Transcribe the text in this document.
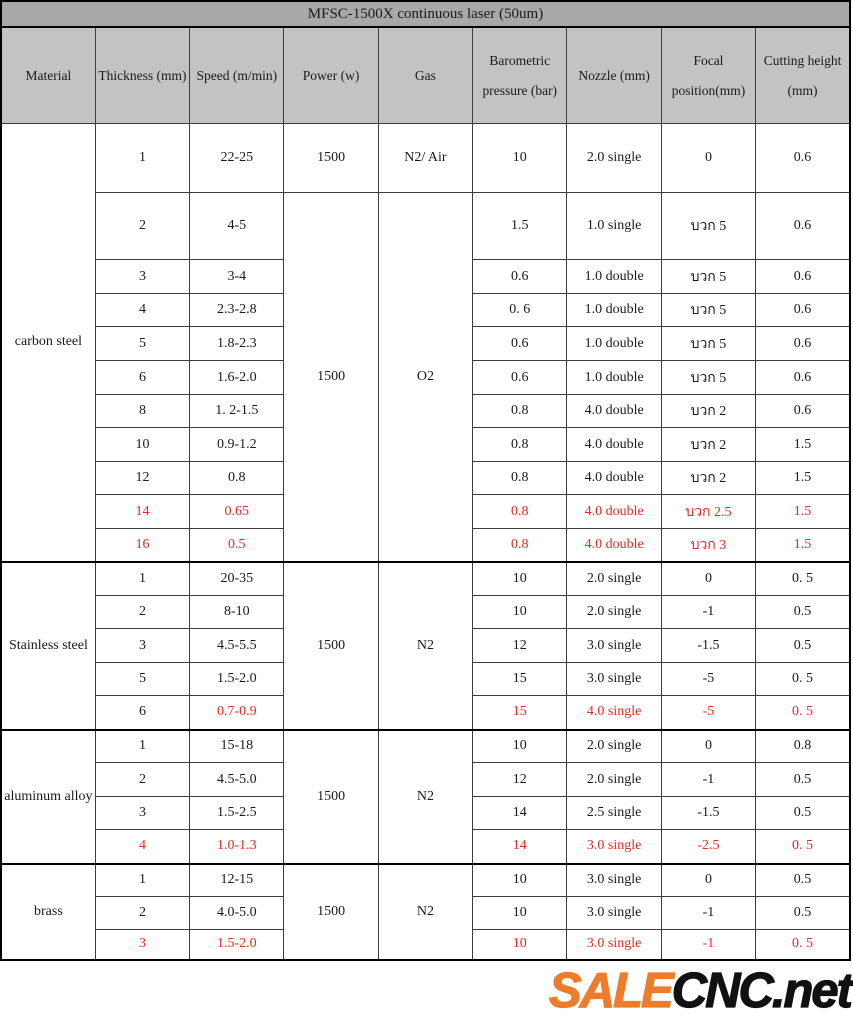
MFSC-1500X continuous laser (50um)								
Material	Thickness (mm)	Speed (m/min)	Power (w)	Gas	Barometric pressure (bar)	Nozzle (mm)	Focal position(mm)	Cutting height (mm)
carbon steel	1	22-25	1500	N2/ Air	10	2.0 single	0	0.6
	2	4-5	1500	O2	1.5	1.0 single	บวก 5	0.6
	3	3-4			0.6	1.0 double	บวก 5	0.6
	4	2.3-2.8			0. 6	1.0 double	บวก 5	0.6
	5	1.8-2.3			0.6	1.0 double	บวก 5	0.6
	6	1.6-2.0			0.6	1.0 double	บวก 5	0.6
	8	1. 2-1.5			0.8	4.0 double	บวก 2	0.6
	10	0.9-1.2			0.8	4.0 double	บวก 2	1.5
	12	0.8			0.8	4.0 double	บวก 2	1.5
	14	0.65			0.8	4.0 double	บวก 2.5	1.5
	16	0.5			0.8	4.0 double	บวก 3	1.5
Stainless steel	1	20-35	1500	N2	10	2.0 single	0	0. 5
	2	8-10			10	2.0 single	-1	0.5
	3	4.5-5.5			12	3.0 single	-1.5	0.5
	5	1.5-2.0			15	3.0 single	-5	0. 5
	6	0.7-0.9			15	4.0 single	-5	0. 5
aluminum alloy	1	15-18	1500	N2	10	2.0 single	0	0.8
	2	4.5-5.0			12	2.0 single	-1	0.5
	3	1.5-2.5			14	2.5 single	-1.5	0.5
	4	1.0-1.3			14	3.0 single	-2.5	0. 5
brass	1	12-15	1500	N2	10	3.0 single	0	0.5
	2	4.0-5.0			10	3.0 single	-1	0.5
	3	1.5-2.0			10	3.0 single	-1	0. 5
SALECNC.net
